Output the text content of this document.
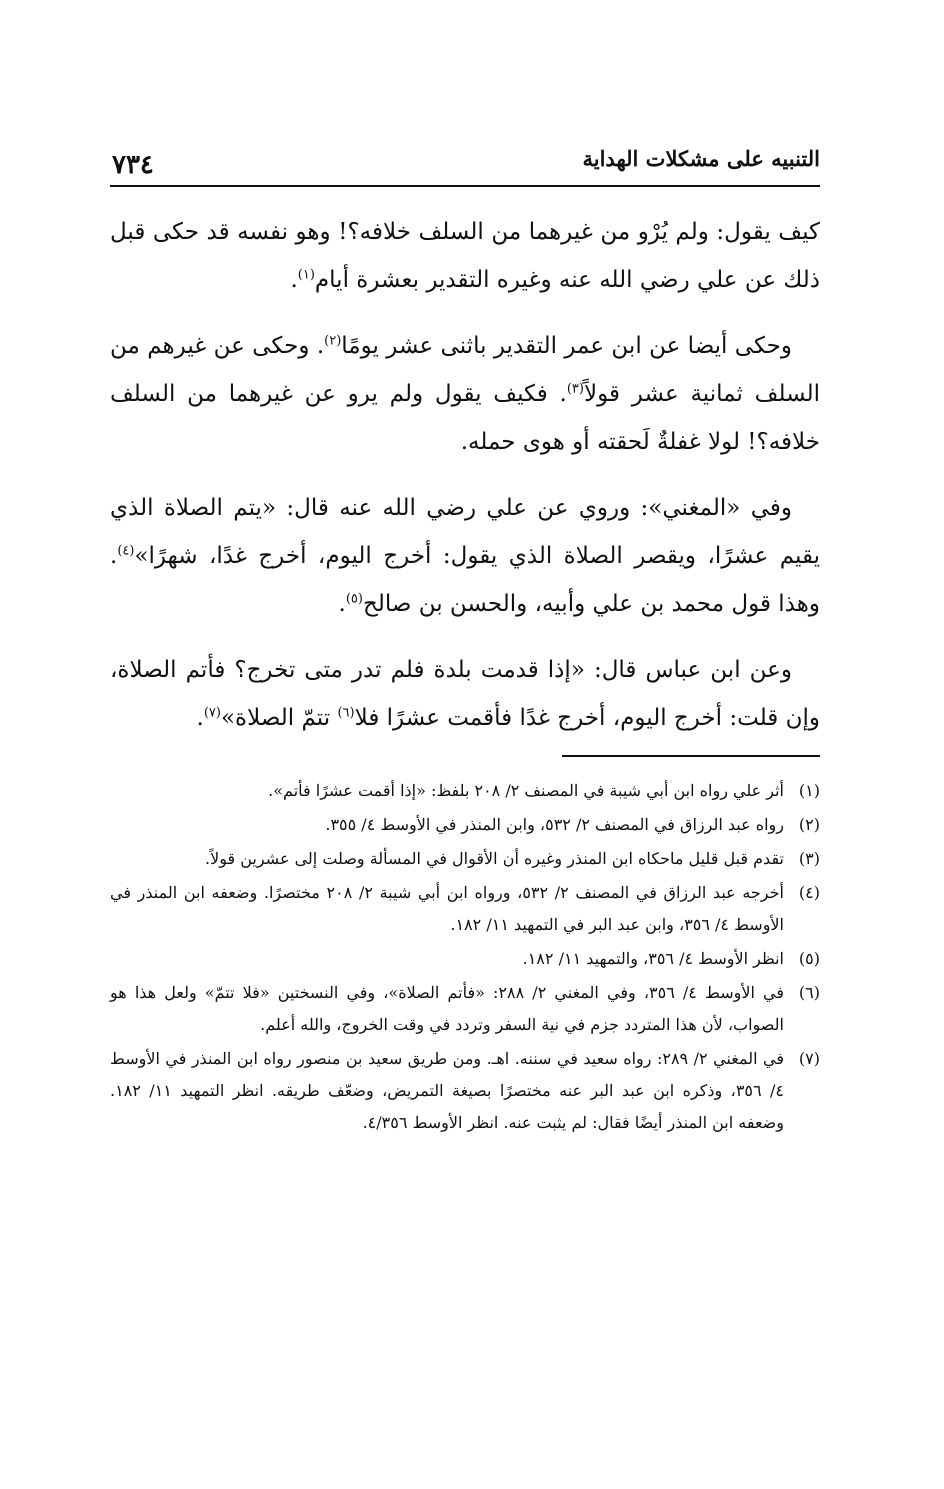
٧٣٤	التنبيه على مشكلات الهداية

كيف يقول: ولم يُرْو من غيرهما من السلف خلافه؟! وهو نفسه قد حكى قبل ذلك عن علي رضي الله عنه وغيره التقدير بعشرة أيام$^{(١)}$.

وحكى أيضا عن ابن عمر التقدير باثنى عشر يومًا$^{(٢)}$. وحكى عن غيرهم من السلف ثمانية عشر قولاً$^{(٣)}$. فكيف يقول ولم يرو عن غيرهما من السلف خلافه؟! لولا غفلةٌ لَحقته أو هوى حمله.

وفي «المغني»: وروي عن علي رضي الله عنه قال: «يتم الصلاة الذي يقيم عشرًا، ويقصر الصلاة الذي يقول: أخرج اليوم، أخرج غدًا، شهرًا»$^{(٤)}$. وهذا قول محمد بن علي وأبيه، والحسن بن صالح$^{(٥)}$.

وعن ابن عباس قال: «إذا قدمت بلدة فلم تدر متى تخرج؟ فأتم الصلاة، وإن قلت: أخرج اليوم، أخرج غدًا فأقمت عشرًا فلا$^{(٦)}$ تتمّ الصلاة»$^{(٧)}$.

(١)
أثر علي رواه ابن أبي شيبة في المصنف ٢/ ٢٠٨ بلفظ: «إذا أقمت عشرًا فأتم».
(٢)
رواه عبد الرزاق في المصنف ٢/ ٥٣٢، وابن المنذر في الأوسط ٤/ ٣٥٥.
(٣)
تقدم قبل قليل ماحكاه ابن المنذر وغيره أن الأقوال في المسألة وصلت إلى عشرين قولاً.
(٤)
أخرجه عبد الرزاق في المصنف ٢/ ٥٣٢، ورواه ابن أبي شيبة ٢/ ٢٠٨ مختصرًا. وضعفه ابن المنذر في الأوسط ٤/ ٣٥٦، وابن عبد البر في التمهيد ١١/ ١٨٢.
(٥)
انظر الأوسط ٤/ ٣٥٦، والتمهيد ١١/ ١٨٢.
(٦)
في الأوسط ٤/ ٣٥٦، وفي المغني ٢/ ٢٨٨: «فأتم الصلاة»، وفي النسختين «فلا تتمّ» ولعل هذا هو الصواب، لأن هذا المتردد جزم في نية السفر وتردد في وقت الخروج، والله أعلم.
(٧)
في المغني ٢/ ٢٨٩: رواه سعيد في سننه. اهـ. ومن طريق سعيد بن منصور رواه ابن المنذر في الأوسط ٤/ ٣٥٦، وذكره ابن عبد البر عنه مختصرًا بصيغة التمريض، وضعّف طريقه. انظر التمهيد ١١/ ١٨٢. وضعفه ابن المنذر أيضًا فقال: لم يثبت عنه. انظر الأوسط ٤/٣٥٦.
